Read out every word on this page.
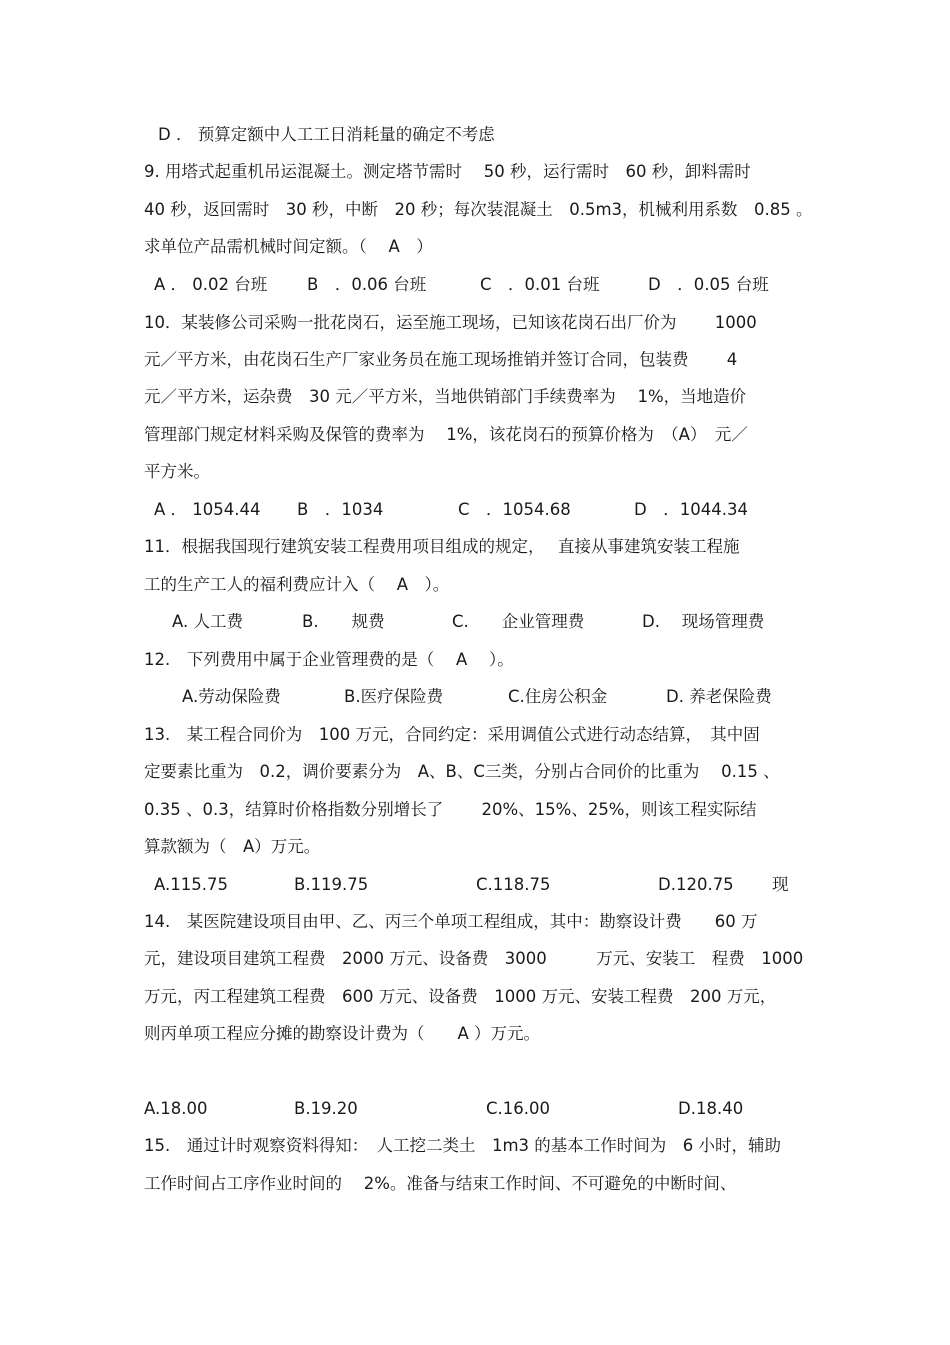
D ． 预算定额中人工工日消耗量的确定不考虑
9. 用塔式起重机吊运混凝土。测定塔节需时　 50 秒，运行需时　60 秒，卸料需时
40 秒，返回需时　30 秒，中断　20 秒；每次装混凝土　0.5m3，机械利用系数　0.85 。
求单位产品需机械时间定额。（　 A　）
A ． 0.02 台班 B　．0.06 台班	C　．0.01 台班	D　．0.05 台班
10．某装修公司采购一批花岗石，运至施工现场，已知该花岗石出厂价为　　 1000
元／平方米，由花岗石生产厂家业务员在施工现场推销并签订合同，包装费　　 4
元／平方米，运杂费　30 元／平方米，当地供销部门手续费率为　 1%，当地造价
管理部门规定材料采购及保管的费率为　 1%，该花岗石的预算价格为　（A）　元／
平方米。
A ． 1054.44 B　．1034	C　．1054.68	D　．1044.34
11．根据我国现行建筑安装工程费用项目组成的规定，　 直接从事建筑安装工程施
工的生产工人的福利费应计入（　 A　）。
A. 人工费	B.　　规费	C.　　企业管理费	D.　 现场管理费
12.　下列费用中属于企业管理费的是（　 A　 ）。
A.劳动保险费	B.医疗保险费	C.住房公积金	D. 养老保险费
13.　某工程合同价为　100 万元，合同约定：采用调值公式进行动态结算，　其中固
定要素比重为　0.2，调价要素分为　A、B、C三类，分别占合同价的比重为　 0.15 、
0.35 、0.3，结算时价格指数分别增长了　　 20%、15%、25%，则该工程实际结
算款额为（　A）万元。
A.115.75	B.119.75	C.118.75	D.120.75 现
14.　某医院建设项目由甲、乙、丙三个单项工程组成，其中：勘察设计费　　60 万
元，建设项目建筑工程费　2000 万元、设备费　3000　　　万元、安装工　程费　1000
万元，丙工程建筑工程费　600 万元、设备费　1000 万元、安装工程费　200 万元，
则丙单项工程应分摊的勘察设计费为（　　A ）万元。
A.18.00	B.19.20	C.16.00	D.18.40
15.　通过计时观察资料得知：　人工挖二类土　1m3 的基本工作时间为　6 小时，辅助
工作时间占工序作业时间的　 2%。准备与结束工作时间、不可避免的中断时间、
